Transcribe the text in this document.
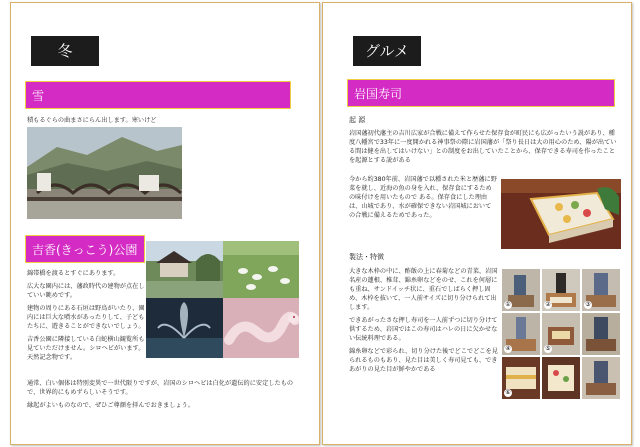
冬
雪
積もるぐらの曲まさにらん出します。寒いけど
吉香(きっこう)公園

錦帯橋を渡るとすぐにあります。

広大な園内には、藩政時代の建物が点在していい眺めです。

建物の周りにある石垣は野鳥がいたり、園内には巨大な噴水があったりして、子どもたちに、遊きることができないでしょう。

吉香公園に隣接している白蛇横山観覧所も見ていただけません。シロヘビがいます。天然記念物です。

通常、白い個体は特別変異で一世代限りですが、岩国のシロヘビは白化が遺伝的に安定したもので、世界的にもめずらしいそうです。

縁起がよいものなので、ぜひご尊顔を拝んでおきましょう。

グルメ
岩国寿司
起 源
岩国藩初代藩主の吉川広家が合戦に備えて作らせた保存食が町民にも広がったいう説があり、種度八幡宮で33年に一度開かれる神事祭の際に岩国藩が「祭り長日は大の用心のため、陽が出ている間は健を出してはいけない」との制度をお出していたことから、保存できる寿司を作ったことを起源とする説がある
今から約380年前、岩国藩で以種された米と歴藩に野菜を就し、近海の魚の身を入れ、保存食にするための味付けを用いたもので ある。保存食にした理由は、山城であり、水が確保できない岩国城においての合戦に備えるためであった。
製法・特徴

大きな木枠の中に、酢飯の上に春菊などの青菜、岩国名産の蓮根、椎茸、錦糸卵などをのせ、これを何層にも重ね、サンドイッチ状に、重石でしばらく押し固め、木枠を抜いて、一人前サイズに切り分けられて出します。

できあがったさな押し寿司を一人前ずつに切り分けて供するため、岩国ではこの寿司はハレの日に欠かせない伝統料理である。

錦糸卵などで彩られ、切り分けた後でどこでどこを見られるものもあり、見た目は美しく寿司見ても、できあがりの見た目が鮮やかである

①	②	③
④	⑤
⑥
